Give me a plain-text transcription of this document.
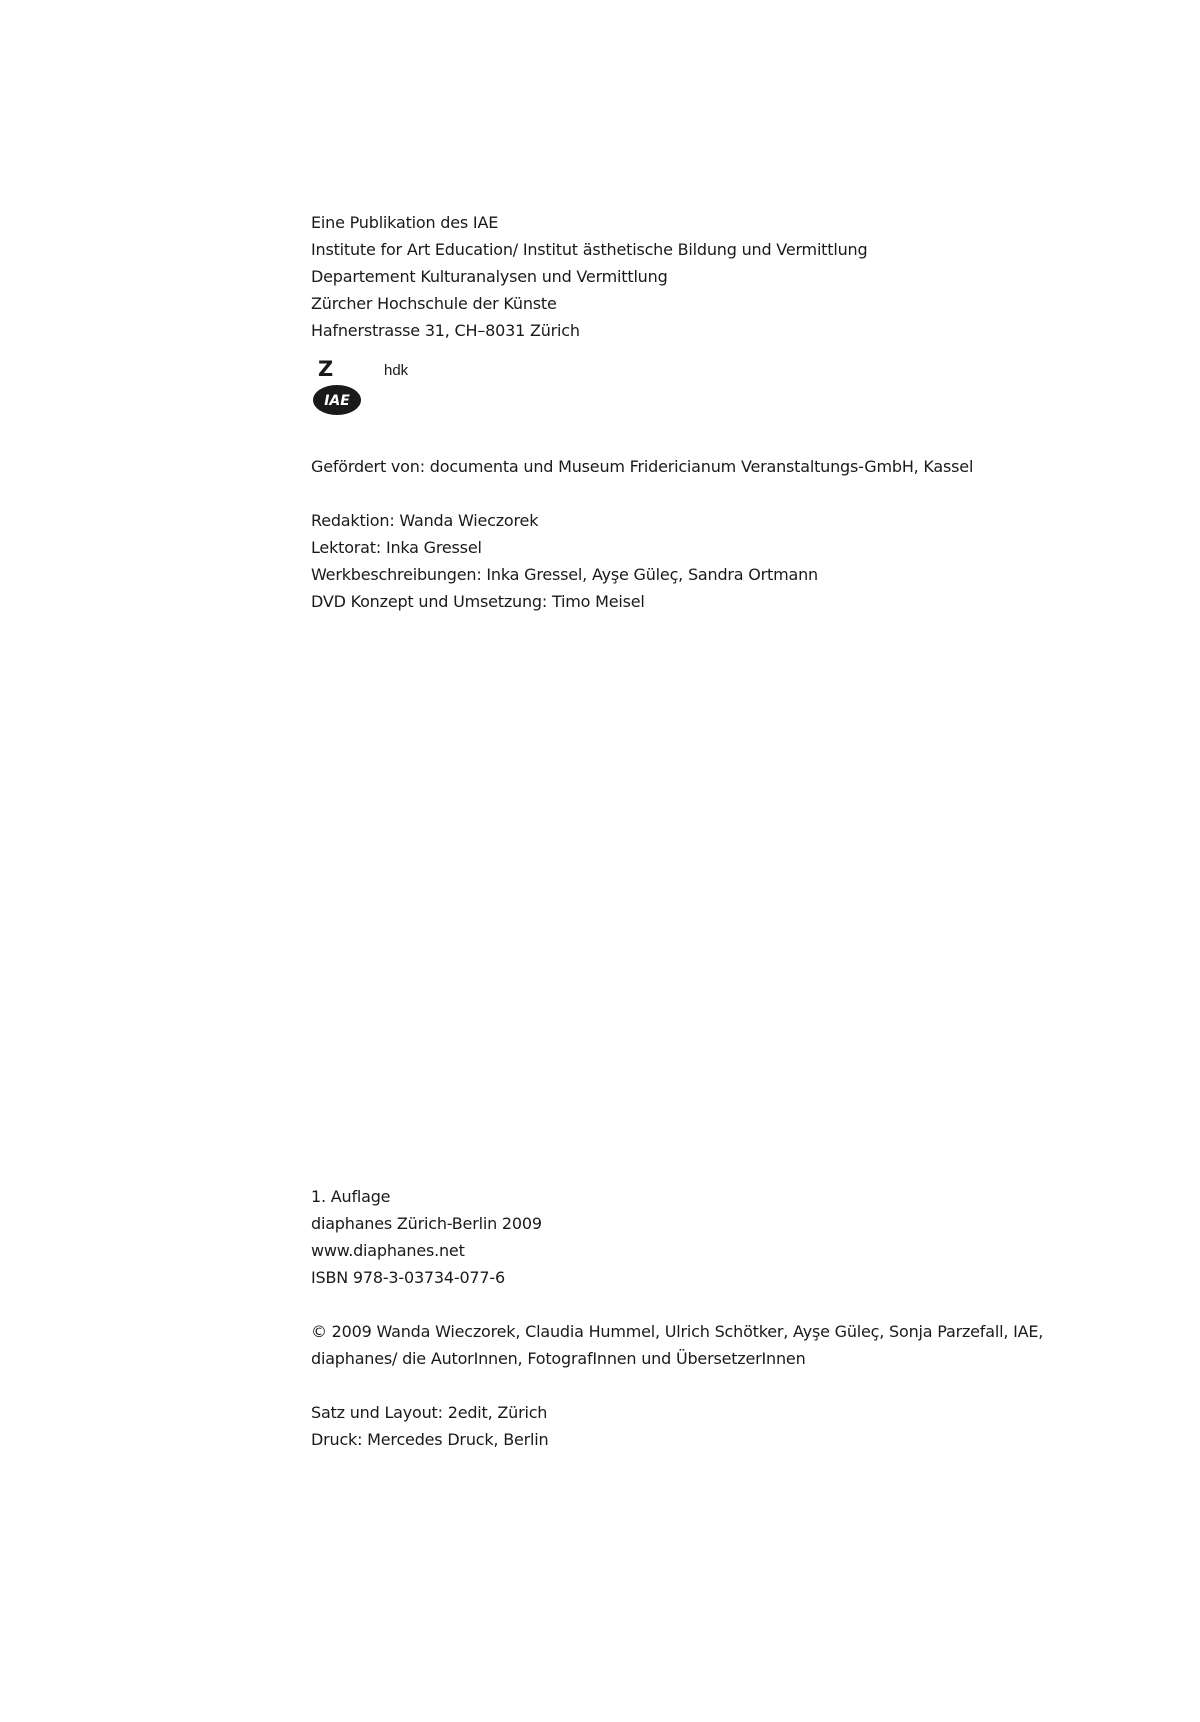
Eine Publikation des IAE
Institute for Art Education/ Institut ästhetische Bildung und Vermittlung
Departement Kulturanalysen und Vermittlung
Zürcher Hochschule der Künste
Hafnerstrasse 31, CH–8031 Zürich
Z
IAE
hdk
Gefördert von: documenta und Museum Fridericianum Veranstaltungs-GmbH, Kassel
Redaktion: Wanda Wieczorek
Lektorat: Inka Gressel
Werkbeschreibungen: Inka Gressel, Ayşe Güleç, Sandra Ortmann
DVD Konzept und Umsetzung: Timo Meisel
1. Auflage
diaphanes Zürich-Berlin 2009
www.diaphanes.net
ISBN 978-3-03734-077-6
© 2009 Wanda Wieczorek, Claudia Hummel, Ulrich Schötker, Ayşe Güleç, Sonja Parzefall, IAE,
diaphanes/ die AutorInnen, FotografInnen und ÜbersetzerInnen
Satz und Layout: 2edit, Zürich
Druck: Mercedes Druck, Berlin
